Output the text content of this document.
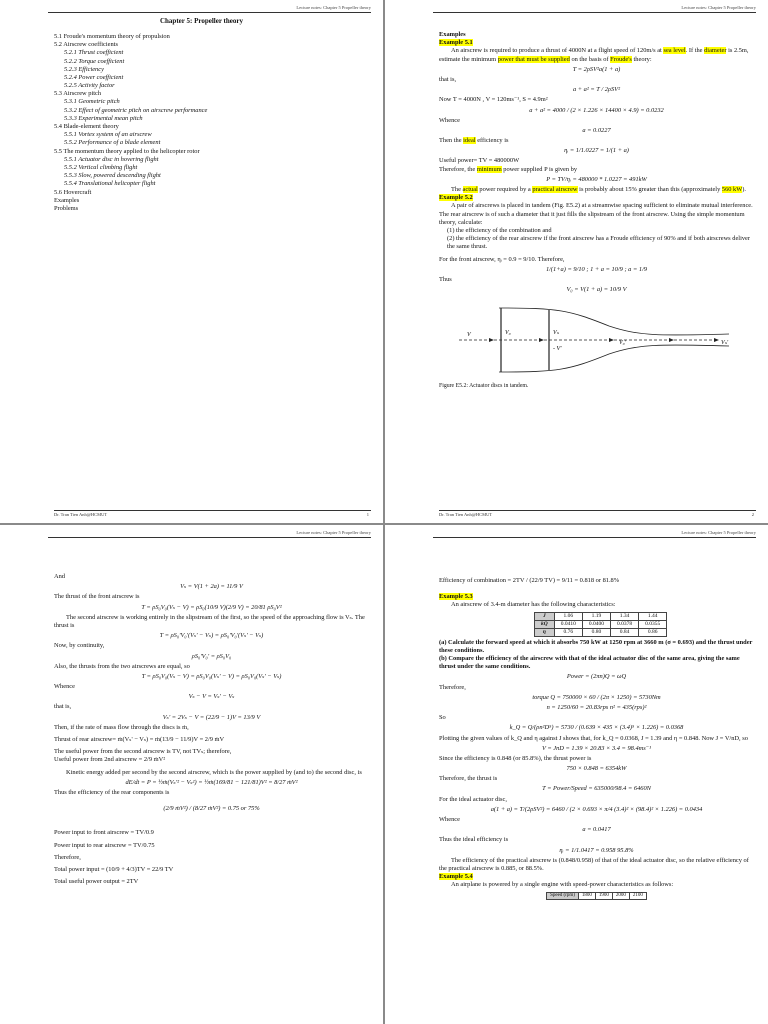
Lecture notes: Chapter 5 Propeller theory
Chapter 5: Propeller theory
5.1 Froude's momentum theory of propulsion
5.2 Airscrew coefficients
5.2.1 Thrust coefficient
5.2.2 Torque coefficient
5.2.3 Efficiency
5.2.4 Power coefficient
5.2.5 Activity factor
5.3 Airscrew pitch
5.3.1 Geometric pitch
5.3.2 Effect of geometric pitch on airscrew performance
5.3.3 Experimental mean pitch
5.4 Blade-element theory
5.5.1 Vortex system of an airscrew
5.5.2 Performance of a blade element
5.5 The momentum theory applied to the helicopter rotor
5.5.1 Actuator disc in hovering flight
5.5.2 Vertical climbing flight
5.5.3 Slow, powered descending flight
5.5.4 Translational helicopter flight
5.6 Hovercraft
Examples
Problems
Dr. Tran Tien Anh@HCMUT	1
Lecture notes: Chapter 5 Propeller theory
Examples
Example 5.1
An airscrew is required to produce a thrust of 4000N at a flight speed of 120m/s at sea level. If the diameter is 2.5m, estimate the minimum power that must be supplied on the basis of Froude's theory:
T = 2ρSV²a(1 + a)
that is,
a + a² = T / 2ρSV²
Now T = 4000N , V = 120ms⁻¹, S = 4.9m²
a + a² = 4000 / (2 × 1.226 × 14400 × 4.9) = 0.0232
Whence
a = 0.0227
Then the ideal efficiency is
ηᵢ = 1/1.0227 = 1/(1 + a)
Useful power= TV = 480000W
Therefore, the minimum power supplied P is given by
P = TV/ηᵢ = 480000 * 1.0227 = 491kW
The actual power required by a practical airscrew is probably about 15% greater than this (approximately 560 kW).
Example 5.2
A pair of airscrews is placed in tandem (Fig. E5.2) at a streamwise spacing sufficient to eliminate mutual interference. The rear airscrew is of such a diameter that it just fills the slipstream of the front airscrew. Using the simple momentum theory, calculate:
(1) the efficiency of the combination and
(2) the efficiency of the rear airscrew if the front airscrew has a Froude efficiency of 90% and if both airscrews deliver the same thrust.
For the front airscrew, ηᵢ = 0.9 = 9/10. Therefore,
1/(1+a) = 9/10 ; 1 + a = 10/9 ; a = 1/9
Thus
V₀ = V(1 + a) = 10/9 V
V	V₀	Vₛ
- V'
V₀'	Vₛ'
Figure E5.2: Actuator discs in tandem.
Dr. Tran Tien Anh@HCMUT	2
Lecture notes: Chapter 5 Propeller theory
And
Vₛ = V(1 + 2a) = 11/9 V
The thrust of the front airscrew is
T = ρS₀V₀(Vₛ − V) = ρS₀(10/9 V)(2/9 V) = 20/81 ρS₀V²
The second airscrew is working entirely in the slipstream of the first, so the speed of the approaching flow is Vₛ. The thrust is
T = ρS₀'V₀'(Vₛ' − Vₛ) = ρS₀'V₀'(Vₛ' − Vₛ)
Now, by continuity,
ρS₀'V₀' = ρS₀V₀
Also, the thrusts from the two airscrews are equal, so
T = ρS₀V₀(Vₛ − V) = ρS₀V₀(Vₛ' − V) = ρS₀V₀(Vₛ' − Vₛ)
Whence
Vₛ − V = Vₛ' − Vₛ
that is,
Vₛ' = 2Vₛ − V = (22/9 − 1)V = 13/9 V
Then, if the rate of mass flow through the discs is ṁ,
Thrust of rear airscrew= ṁ(Vₛ' − Vₛ) = ṁ(13/9 − 11/9)V = 2/9 ṁV
The useful power from the second airscrew is TV, not TVₛ; therefore,
Useful power from 2nd airscrew = 2/9 ṁV²
Kinetic energy added per second by the second airscrew, which is the power supplied by (and to) the second disc, is
dE/dt = P = ½ṁ(Vₛ'² − Vₛ²) = ½ṁ(169/81 − 121/81)V² = 8/27 ṁV²
Thus the efficiency of the rear components is
(2/9 ṁV²) / (8/27 ṁV²) = 0.75 or 75%
Power input to front airscrew = TV/0.9
Power input to rear airscrew = TV/0.75
Therefore,
Total power input = (10/9 + 4/3)TV = 22/9 TV
Total useful power output = 2TV
Lecture notes: Chapter 5 Propeller theory
Efficiency of combination = 2TV / (22/9 TV) = 9/11 = 0.818 or 81.8%
Example 5.3
An airscrew of 3.4-m diameter has the following characteristics:
J	1.06	1.19	1.34	1.44
kQ	0.0410	0.0400	0.0378	0.0355
η	0.76	0.80	0.84	0.86
(a) Calculate the forward speed at which it absorbs 750 kW at 1250 rpm at 3660 m (σ = 0.693) and the thrust under these conditions.
(b) Compare the efficiency of the airscrew with that of the ideal actuator disc of the same area, giving the same thrust under the same conditions.
Power = (2πn)Q = ωQ
Therefore,
torque Q = 750000 × 60 / (2π × 1250) = 5730Nm
n = 1250/60 = 20.83rps n² = 435(rps)²
So
k_Q = Q/(ρn²D⁵) = 5730 / (0.639 × 435 × (3.4)⁵ × 1.226) = 0.0368
Plotting the given values of k_Q and η against J shows that, for k_Q = 0.0368, J = 1.39 and η = 0.848. Now J = V/nD, so
V = JnD = 1.39 × 20.83 × 3.4 = 98.4ms⁻¹
Since the efficiency is 0.848 (or 85.8%), the thrust power is
750 × 0.848 = 6354kW
Therefore, the thrust is
T = Power/Speed = 635000/98.4 = 6460N
For the ideal actuator disc,
a(1 + a) = T/(2ρSV²) = 6460 / (2 × 0.693 × π/4 (3.4)² × (98.4)² × 1.226) = 0.0434
Whence
a = 0.0417
Thus the ideal efficiency is
ηᵢ = 1/1.0417 = 0.958 95.8%
The efficiency of the practical airscrew is (0.848/0.958) of that of the ideal actuator disc, so the relative efficiency of the practical airscrew is 0.885, or 88.5%.
Example 5.4
An airplane is powered by a single engine with speed-power characteristics as follows:
Speed (rpm)	1800	1900	2000	2100
